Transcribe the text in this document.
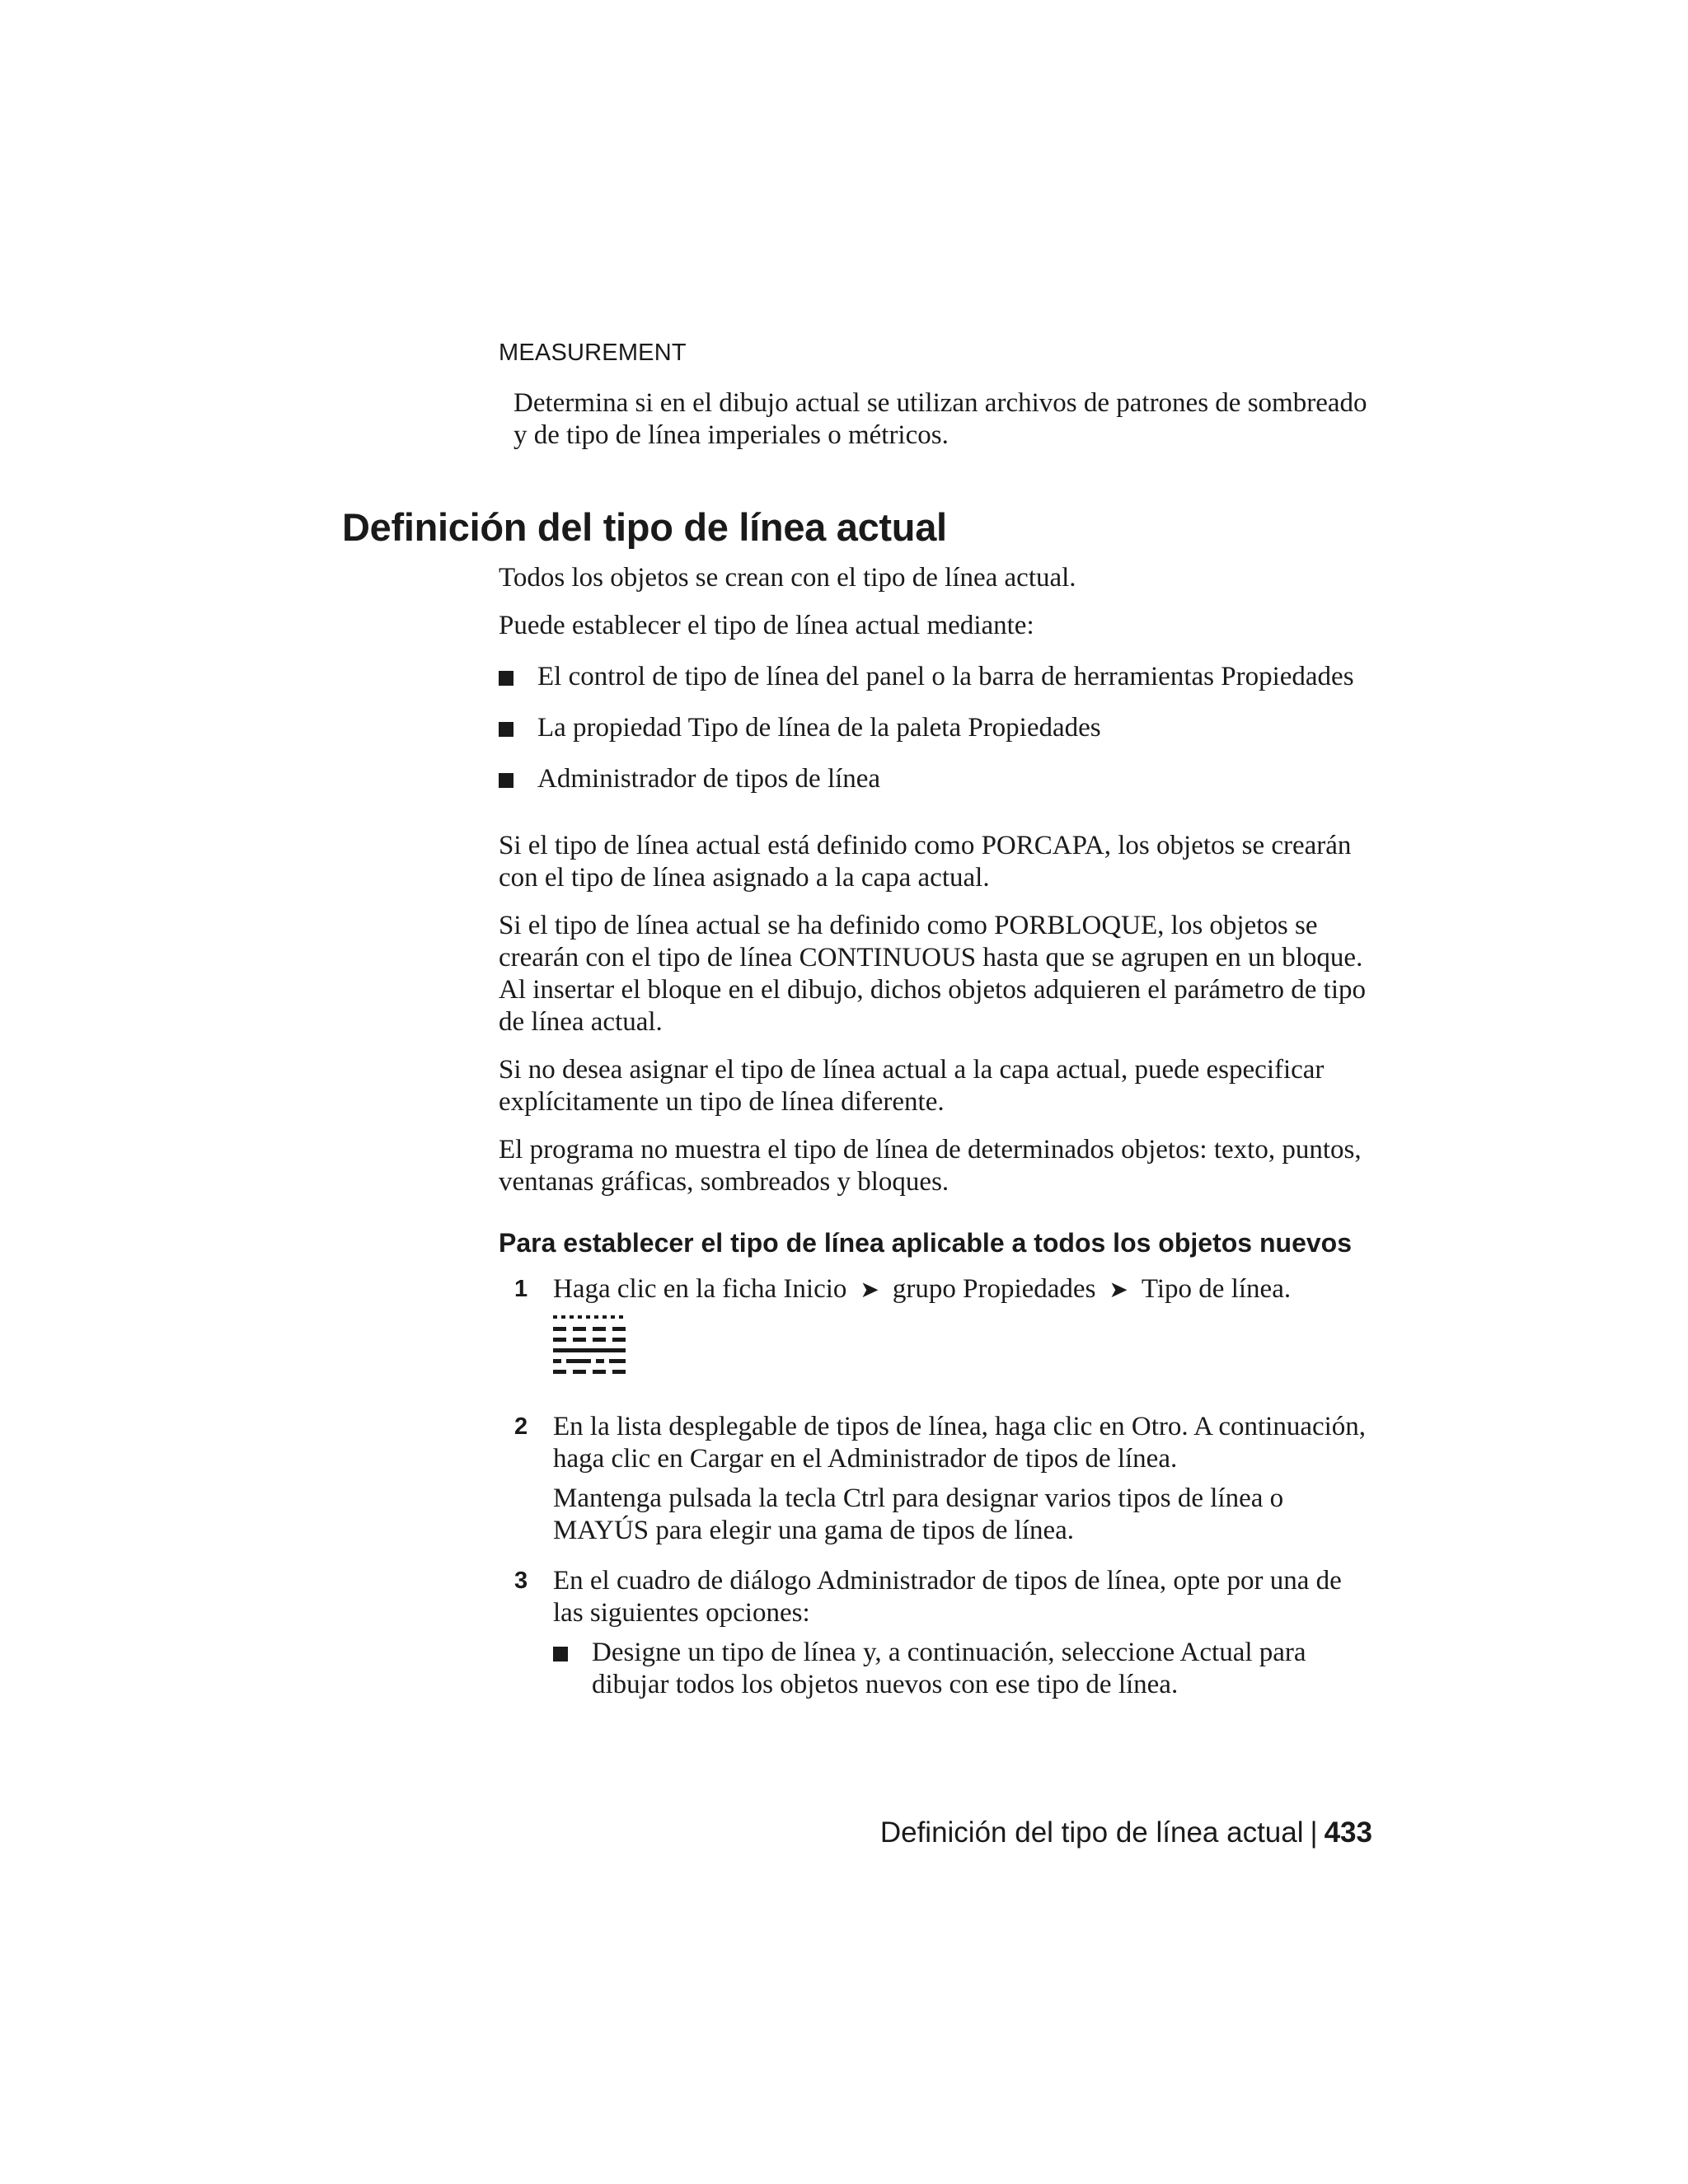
MEASUREMENT

Determina si en el dibujo actual se utilizan archivos de patrones de sombreado y de tipo de línea imperiales o métricos.

Definición del tipo de línea actual

Todos los objetos se crean con el tipo de línea actual.

Puede establecer el tipo de línea actual mediante:

El control de tipo de línea del panel o la barra de herramientas Propiedades
La propiedad Tipo de línea de la paleta Propiedades
Administrador de tipos de línea

Si el tipo de línea actual está definido como PORCAPA, los objetos se crearán con el tipo de línea asignado a la capa actual.

Si el tipo de línea actual se ha definido como PORBLOQUE, los objetos se crearán con el tipo de línea CONTINUOUS hasta que se agrupen en un bloque. Al insertar el bloque en el dibujo, dichos objetos adquieren el parámetro de tipo de línea actual.

Si no desea asignar el tipo de línea actual a la capa actual, puede especificar explícitamente un tipo de línea diferente.

El programa no muestra el tipo de línea de determinados objetos: texto, puntos, ventanas gráficas, sombreados y bloques.

Para establecer el tipo de línea aplicable a todos los objetos nuevos
1 Haga clic en la ficha Inicio ➤ grupo Propiedades ➤ Tipo de línea.

2 En la lista desplegable de tipos de línea, haga clic en Otro. A continuación, haga clic en Cargar en el Administrador de tipos de línea.

Mantenga pulsada la tecla Ctrl para designar varios tipos de línea o MAYÚS para elegir una gama de tipos de línea.

3 En el cuadro de diálogo Administrador de tipos de línea, opte por una de las siguientes opciones:

Designe un tipo de línea y, a continuación, seleccione Actual para dibujar todos los objetos nuevos con ese tipo de línea.
Definición del tipo de línea actual | 433
